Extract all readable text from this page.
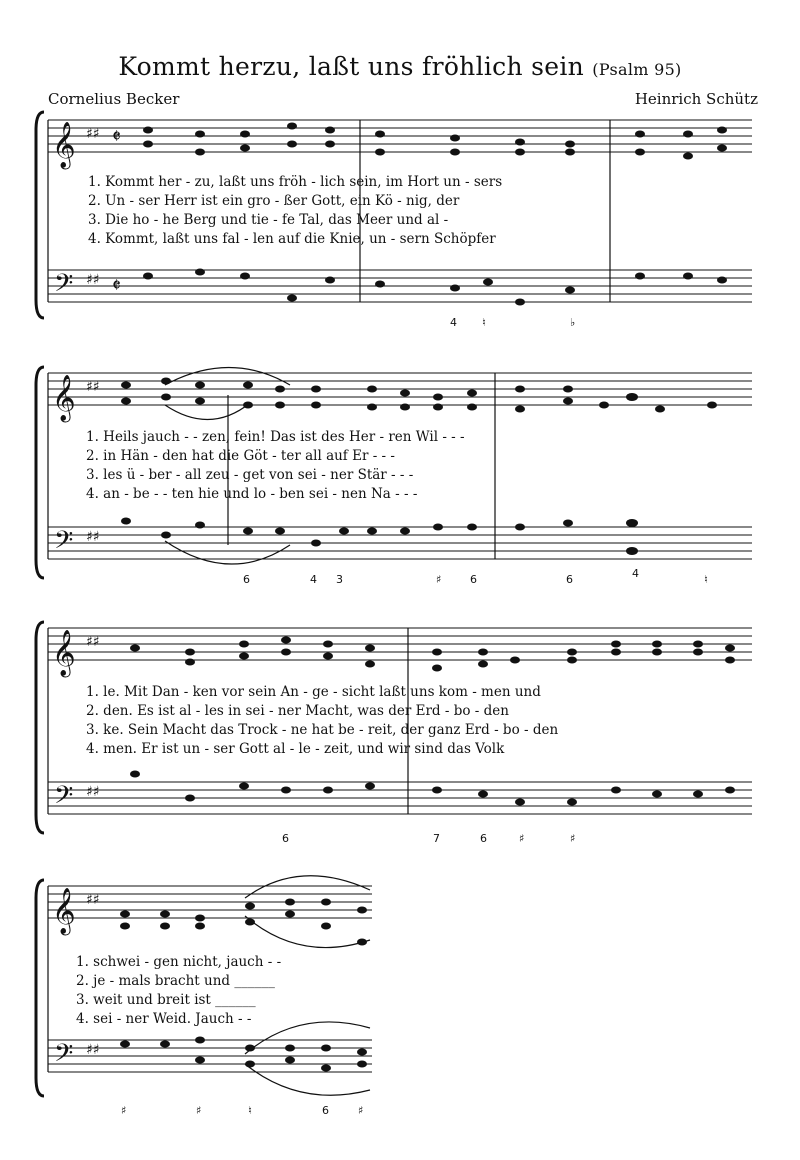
Kommt herzu, laßt uns fröhlich sein (Psalm 95)
Cornelius Becker	Heinrich Schütz
𝄞
𝄢
♯♯
♯♯
𝄵
𝄵
1. Kommt her - zu, laßt uns fröh - lich sein, im Hort un - sers
2. Un - ser Herr ist ein gro - ßer Gott, ein Kö - nig, der
3. Die ho - he Berg und tie - fe Tal, das Meer und al -
4. Kommt, laßt uns fal - len auf die Knie, un - sern Schöpfer
4 ♮	♭
𝄞
𝄢
♯♯
♯♯
1. Heils jauch - - zen, fein! Das ist des Her - ren Wil - - -
2. in Hän - den hat die Göt - ter all auf Er - - -
3. les ü - ber - all zeu - get von sei - ner Stär - - -
4. an - be - - ten hie und lo - ben sei - nen Na - - -
6	4 3	♯	6	6	4	♮
𝄞
𝄢
♯♯
♯♯
1. le. Mit Dan - ken vor sein An - ge - sicht laßt uns kom - men und
2. den. Es ist al - les in sei - ner Macht, was der Erd - bo - den
3. ke. Sein Macht das Trock - ne hat be - reit, der ganz Erd - bo - den
4. men. Er ist un - ser Gott al - le - zeit, und wir sind das Volk
6	7	6	♯	♯
𝄞
𝄢
♯♯
♯♯
1. schwei - gen nicht, jauch - -
2. je - mals bracht und ______
3. weit und breit ist ______
4. sei - ner Weid. Jauch - -
♯	♯	♮	6	♯
